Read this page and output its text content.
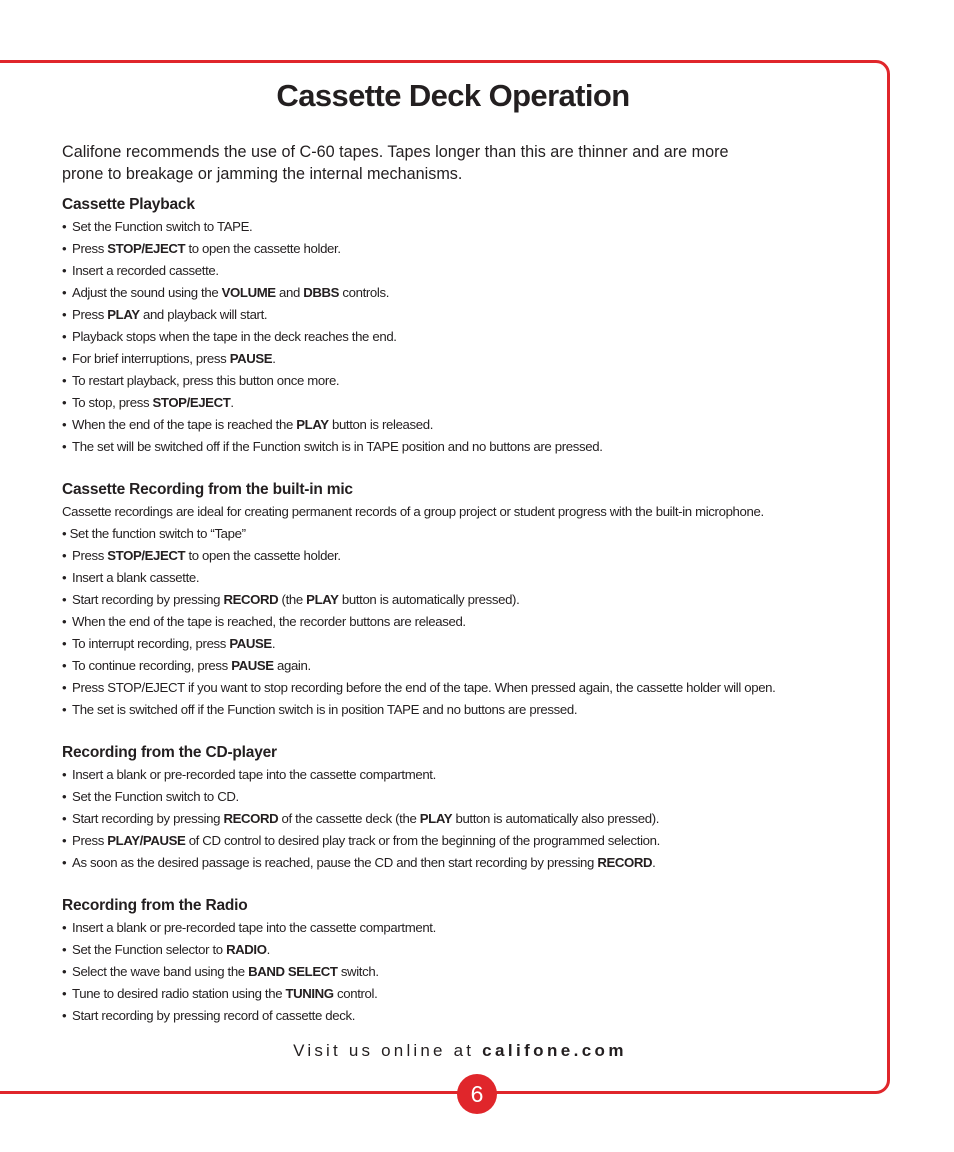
Cassette Deck Operation

Califone recommends the use of C-60 tapes. Tapes longer than this are thinner and are more prone to breakage or jamming the internal mechanisms.

Cassette Playback
• Set the Function switch to TAPE.
• Press STOP/EJECT to open the cassette holder.
• Insert a recorded cassette.
• Adjust the sound using the VOLUME and DBBS controls.
• Press PLAY and playback will start.
• Playback stops when the tape in the deck reaches the end.
• For brief interruptions, press PAUSE.
• To restart playback, press this button once more.
• To stop, press STOP/EJECT.
• When the end of the tape is reached the PLAY button is released.
• The set will be switched off if the Function switch is in TAPE position and no buttons are pressed.
Cassette Recording from the built-in mic

Cassette recordings are ideal for creating permanent records of a group project or student progress with the built-in microphone.

• Set the function switch to “Tape”

• Press STOP/EJECT to open the cassette holder.
• Insert a blank cassette.
• Start recording by pressing RECORD (the PLAY button is automatically pressed).
• When the end of the tape is reached, the recorder buttons are released.
• To interrupt recording, press PAUSE.
• To continue recording, press PAUSE again.
• Press STOP/EJECT if you want to stop recording before the end of the tape. When pressed again, the cassette holder will open.
• The set is switched off if the Function switch is in position TAPE and no buttons are pressed.
Recording from the CD-player
• Insert a blank or pre-recorded tape into the cassette compartment.
• Set the Function switch to CD.
• Start recording by pressing RECORD of the cassette deck (the PLAY button is automatically also pressed).
• Press PLAY/PAUSE of CD control to desired play track or from the beginning of the programmed selection.
• As soon as the desired passage is reached, pause the CD and then start recording by pressing RECORD.
Recording from the Radio
• Insert a blank or pre-recorded tape into the cassette compartment.
• Set the Function selector to RADIO.
• Select the wave band using the BAND SELECT switch.
• Tune to desired radio station using the TUNING control.
• Start recording by pressing record of cassette deck.

Visit us online at califone.com

6
